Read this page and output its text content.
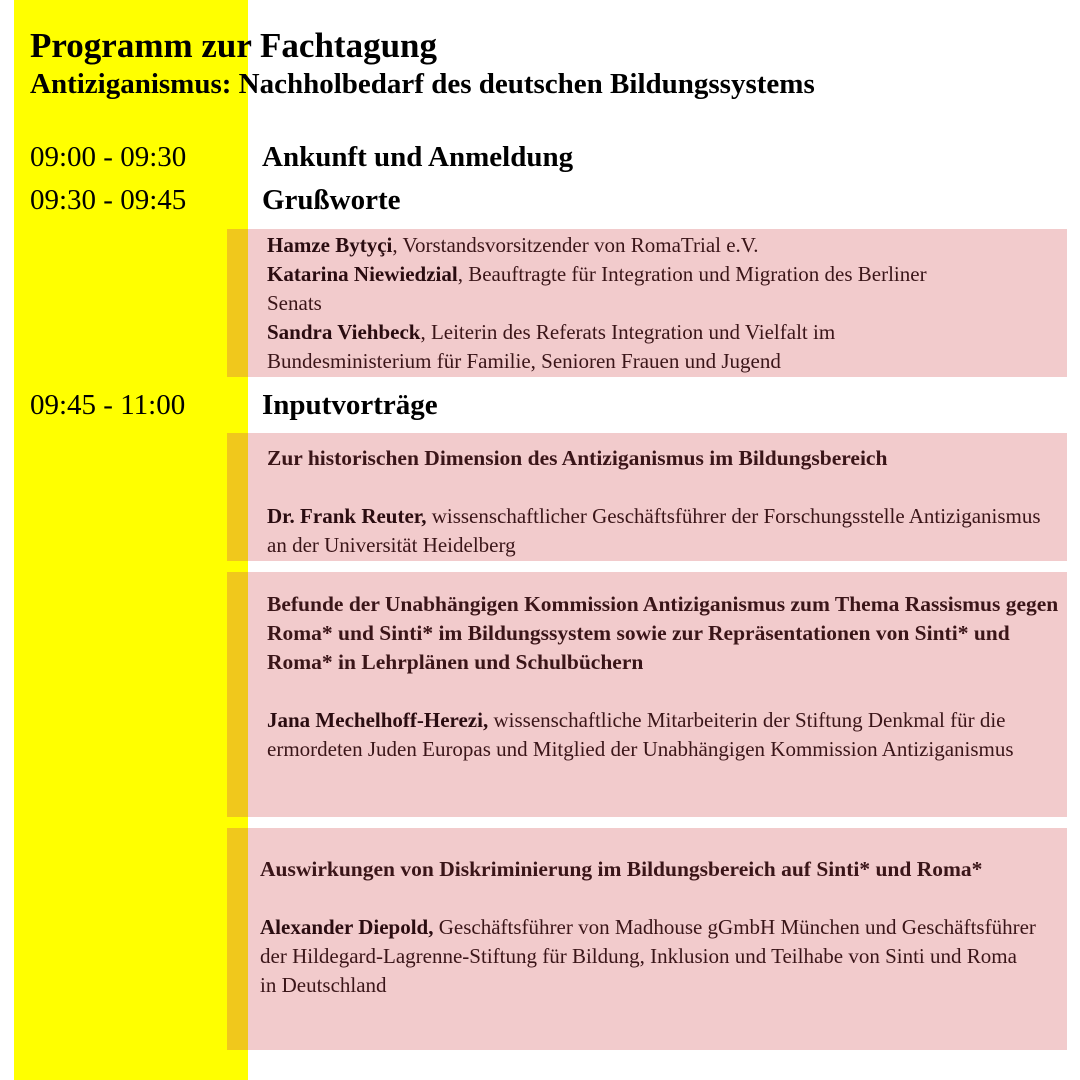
Programm zur Fachtagung
Antiziganismus: Nachholbedarf des deutschen Bildungssystems
09:00 - 09:30	Ankunft und Anmeldung
09:30 - 09:45	Grußworte
Hamze Bytyçi, Vorstandsvorsitzender von RomaTrial e.V.
Katarina Niewiedzial, Beauftragte für Integration und Migration des Berliner Senats
Sandra Viehbeck, Leiterin des Referats Integration und Vielfalt im Bundesministerium für Familie, Senioren Frauen und Jugend
09:45 - 11:00	Inputvorträge
Zur historischen Dimension des Antiziganismus im Bildungsbereich
Dr. Frank Reuter, wissenschaftlicher Geschäftsführer der Forschungsstelle Antiziganismus an der Universität Heidelberg
Befunde der Unabhängigen Kommission Antiziganismus zum Thema Rassismus gegen Roma* und Sinti* im Bildungssystem sowie zur Repräsentationen von Sinti* und Roma* in Lehrplänen und Schulbüchern
Jana Mechelhoff-Herezi, wissenschaftliche Mitarbeiterin der Stiftung Denkmal für die ermordeten Juden Europas und Mitglied der Unabhängigen Kommission Antiziganismus
Auswirkungen von Diskriminierung im Bildungsbereich auf Sinti* und Roma*
Alexander Diepold, Geschäftsführer von Madhouse gGmbH München und Geschäftsführer der Hildegard-Lagrenne-Stiftung für Bildung, Inklusion und Teilhabe von Sinti und Roma in Deutschland
